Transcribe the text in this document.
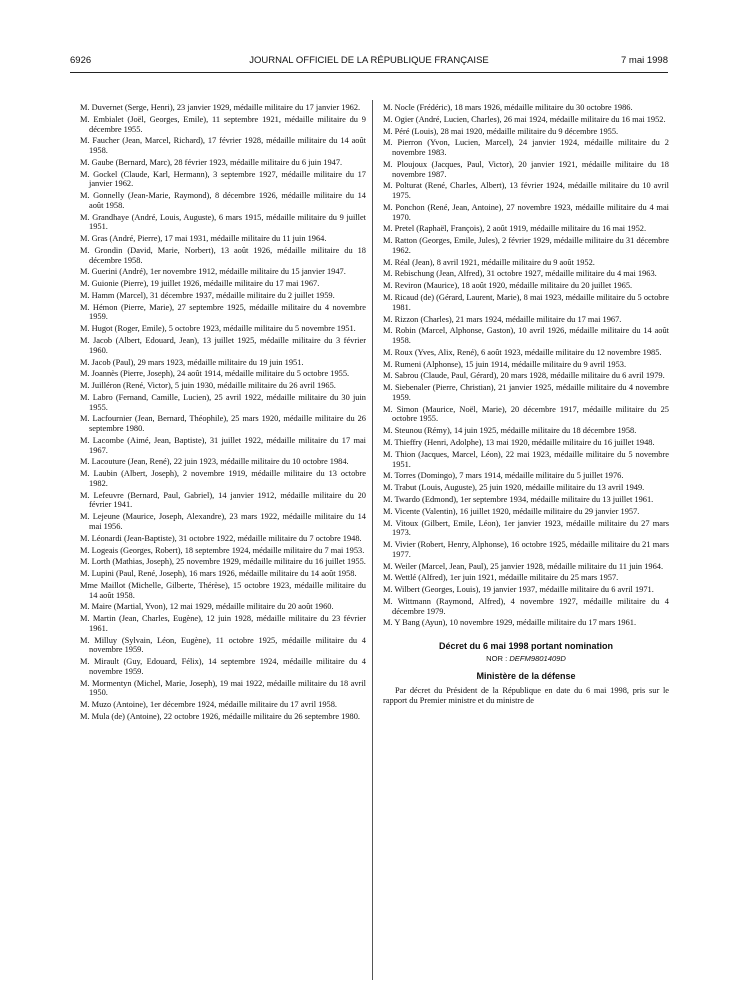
6926	JOURNAL OFFICIEL DE LA RÉPUBLIQUE FRANÇAISE	7 mai 1998
M. Duvernet (Serge, Henri), 23 janvier 1929, médaille militaire du 17 janvier 1962.
M. Embialet (Joël, Georges, Emile), 11 septembre 1921, médaille militaire du 9 décembre 1955.
M. Faucher (Jean, Marcel, Richard), 17 février 1928, médaille militaire du 14 août 1958.
M. Gaube (Bernard, Marc), 28 février 1923, médaille militaire du 6 juin 1947.
M. Gockel (Claude, Karl, Hermann), 3 septembre 1927, médaille militaire du 17 janvier 1962.
M. Gonnelly (Jean-Marie, Raymond), 8 décembre 1926, médaille militaire du 14 août 1958.
M. Grandhaye (André, Louis, Auguste), 6 mars 1915, médaille militaire du 9 juillet 1951.
M. Gras (André, Pierre), 17 mai 1931, médaille militaire du 11 juin 1964.
M. Grondin (David, Marie, Norbert), 13 août 1926, médaille militaire du 18 décembre 1958.
M. Guerini (André), 1er novembre 1912, médaille militaire du 15 janvier 1947.
M. Guionie (Pierre), 19 juillet 1926, médaille militaire du 17 mai 1967.
M. Hamm (Marcel), 31 décembre 1937, médaille militaire du 2 juillet 1959.
M. Hémon (Pierre, Marie), 27 septembre 1925, médaille militaire du 4 novembre 1959.
M. Hugot (Roger, Emile), 5 octobre 1923, médaille militaire du 5 novembre 1951.
M. Jacob (Albert, Edouard, Jean), 13 juillet 1925, médaille militaire du 3 février 1960.
M. Jacob (Paul), 29 mars 1923, médaille militaire du 19 juin 1951.
M. Joannès (Pierre, Joseph), 24 août 1914, médaille militaire du 5 octobre 1955.
M. Juilléron (René, Victor), 5 juin 1930, médaille militaire du 26 avril 1965.
M. Labro (Fernand, Camille, Lucien), 25 avril 1922, médaille militaire du 30 juin 1955.
M. Lacfournier (Jean, Bernard, Théophile), 25 mars 1920, médaille militaire du 26 septembre 1980.
M. Lacombe (Aimé, Jean, Baptiste), 31 juillet 1922, médaille militaire du 17 mai 1967.
M. Lacouture (Jean, René), 22 juin 1923, médaille militaire du 10 octobre 1984.
M. Laubin (Albert, Joseph), 2 novembre 1919, médaille militaire du 13 octobre 1982.
M. Lefeuvre (Bernard, Paul, Gabriel), 14 janvier 1912, médaille militaire du 20 février 1941.
M. Lejeune (Maurice, Joseph, Alexandre), 23 mars 1922, médaille militaire du 14 mai 1956.
M. Léonardi (Jean-Baptiste), 31 octobre 1922, médaille militaire du 7 octobre 1948.
M. Logeais (Georges, Robert), 18 septembre 1924, médaille militaire du 7 mai 1953.
M. Lorth (Mathias, Joseph), 25 novembre 1929, médaille militaire du 16 juillet 1955.
M. Lupini (Paul, René, Joseph), 16 mars 1926, médaille militaire du 14 août 1958.
Mme Maillot (Michelle, Gilberte, Thérèse), 15 octobre 1923, médaille militaire du 14 août 1958.
M. Maire (Martial, Yvon), 12 mai 1929, médaille militaire du 20 août 1960.
M. Martin (Jean, Charles, Eugène), 12 juin 1928, médaille militaire du 23 février 1961.
M. Milluy (Sylvain, Léon, Eugène), 11 octobre 1925, médaille militaire du 4 novembre 1959.
M. Mirault (Guy, Edouard, Félix), 14 septembre 1924, médaille militaire du 4 novembre 1959.
M. Mormentyn (Michel, Marie, Joseph), 19 mai 1922, médaille militaire du 18 avril 1950.
M. Muzo (Antoine), 1er décembre 1924, médaille militaire du 17 avril 1958.
M. Mula (de) (Antoine), 22 octobre 1926, médaille militaire du 26 septembre 1980.
M. Nocle (Frédéric), 18 mars 1926, médaille militaire du 30 octobre 1986.
M. Ogier (André, Lucien, Charles), 26 mai 1924, médaille militaire du 16 mai 1952.
M. Péré (Louis), 28 mai 1920, médaille militaire du 9 décembre 1955.
M. Pierron (Yvon, Lucien, Marcel), 24 janvier 1924, médaille militaire du 2 novembre 1983.
M. Ploujoux (Jacques, Paul, Victor), 20 janvier 1921, médaille militaire du 18 novembre 1987.
M. Polturat (René, Charles, Albert), 13 février 1924, médaille militaire du 10 avril 1975.
M. Ponchon (René, Jean, Antoine), 27 novembre 1923, médaille militaire du 4 mai 1970.
M. Pretel (Raphaël, François), 2 août 1919, médaille militaire du 16 mai 1952.
M. Ratton (Georges, Emile, Jules), 2 février 1929, médaille militaire du 31 décembre 1962.
M. Réal (Jean), 8 avril 1921, médaille militaire du 9 août 1952.
M. Rebischung (Jean, Alfred), 31 octobre 1927, médaille militaire du 4 mai 1963.
M. Reviron (Maurice), 18 août 1920, médaille militaire du 20 juillet 1965.
M. Ricaud (de) (Gérard, Laurent, Marie), 8 mai 1923, médaille militaire du 5 octobre 1981.
M. Rizzon (Charles), 21 mars 1924, médaille militaire du 17 mai 1967.
M. Robin (Marcel, Alphonse, Gaston), 10 avril 1926, médaille militaire du 14 août 1958.
M. Roux (Yves, Alix, René), 6 août 1923, médaille militaire du 12 novembre 1985.
M. Rumeni (Alphonse), 15 juin 1914, médaille militaire du 9 avril 1953.
M. Sabrou (Claude, Paul, Gérard), 20 mars 1928, médaille militaire du 6 avril 1979.
M. Siebenaler (Pierre, Christian), 21 janvier 1925, médaille militaire du 4 novembre 1959.
M. Simon (Maurice, Noël, Marie), 20 décembre 1917, médaille militaire du 25 octobre 1955.
M. Steunou (Rémy), 14 juin 1925, médaille militaire du 18 décembre 1958.
M. Thieffry (Henri, Adolphe), 13 mai 1920, médaille militaire du 16 juillet 1948.
M. Thion (Jacques, Marcel, Léon), 22 mai 1923, médaille militaire du 5 novembre 1951.
M. Torres (Domingo), 7 mars 1914, médaille militaire du 5 juillet 1976.
M. Trabut (Louis, Auguste), 25 juin 1920, médaille militaire du 13 avril 1949.
M. Twardo (Edmond), 1er septembre 1934, médaille militaire du 13 juillet 1961.
M. Vicente (Valentin), 16 juillet 1920, médaille militaire du 29 janvier 1957.
M. Vitoux (Gilbert, Emile, Léon), 1er janvier 1923, médaille militaire du 27 mars 1973.
M. Vivier (Robert, Henry, Alphonse), 16 octobre 1925, médaille militaire du 21 mars 1977.
M. Weiler (Marcel, Jean, Paul), 25 janvier 1928, médaille militaire du 11 juin 1964.
M. Wettlé (Alfred), 1er juin 1921, médaille militaire du 25 mars 1957.
M. Wilbert (Georges, Louis), 19 janvier 1937, médaille militaire du 6 avril 1971.
M. Wittmann (Raymond, Alfred), 4 novembre 1927, médaille militaire du 4 décembre 1979.
M. Y Bang (Ayun), 10 novembre 1929, médaille militaire du 17 mars 1961.
Décret du 6 mai 1998 portant nomination
NOR : DEFM9801409D
Ministère de la défense
Par décret du Président de la République en date du 6 mai 1998, pris sur le rapport du Premier ministre et du ministre de
